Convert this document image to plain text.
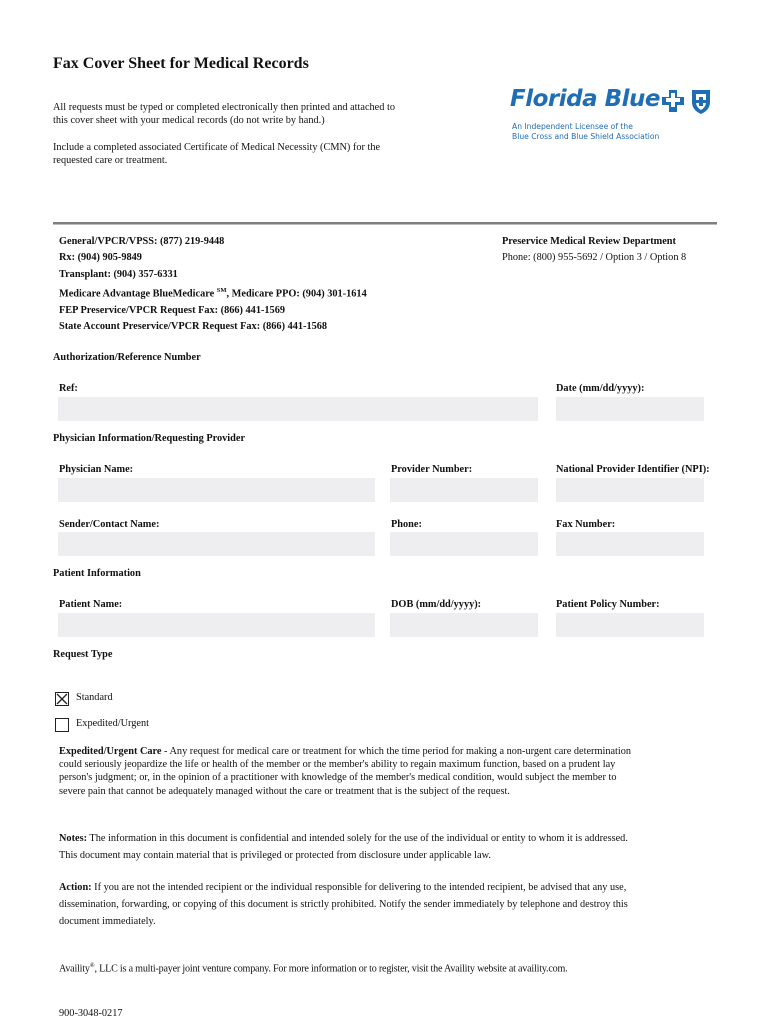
Fax Cover Sheet for Medical Records
All requests must be typed or completed electronically then printed and attached to
this cover sheet with your medical records (do not write by hand.)
Include a completed associated Certificate of Medical Necessity (CMN) for the
requested care or treatment.
Florida Blue
An Independent Licensee of the
Blue Cross and Blue Shield Association
General/VPCR/VPSS: (877) 219-9448
Rx: (904) 905-9849
Transplant: (904) 357-6331
Medicare Advantage BlueMedicare ℠, Medicare PPO: (904) 301-1614
FEP Preservice/VPCR Request Fax: (866) 441-1569
State Account Preservice/VPCR Request Fax: (866) 441-1568
Preservice Medical Review Department
Phone: (800) 955-5692 / Option 3 / Option 8
Authorization/Reference Number
Ref:	Date (mm/dd/yyyy):
Physician Information/Requesting Provider
Physician Name:	Provider Number:	National Provider Identifier (NPI):
Sender/Contact Name:	Phone:	Fax Number:
Patient Information
Patient Name:	DOB (mm/dd/yyyy):	Patient Policy Number:
Request Type
Standard
Expedited/Urgent
Expedited/Urgent Care - Any request for medical care or treatment for which the time period for making a non-urgent care determination
could seriously jeopardize the life or health of the member or the member's ability to regain maximum function, based on a prudent lay
person's judgment; or, in the opinion of a practitioner with knowledge of the member's medical condition, would subject the member to
severe pain that cannot be adequately managed without the care or treatment that is the subject of the request.
Notes: The information in this document is confidential and intended solely for the use of the individual or entity to whom it is addressed.
This document may contain material that is privileged or protected from disclosure under applicable law.
Action: If you are not the intended recipient or the individual responsible for delivering to the intended recipient, be advised that any use,
dissemination, forwarding, or copying of this document is strictly prohibited. Notify the sender immediately by telephone and destroy this
document immediately.
Availity®, LLC is a multi-payer joint venture company. For more information or to register, visit the Availity website at availity.com.
900-3048-0217
